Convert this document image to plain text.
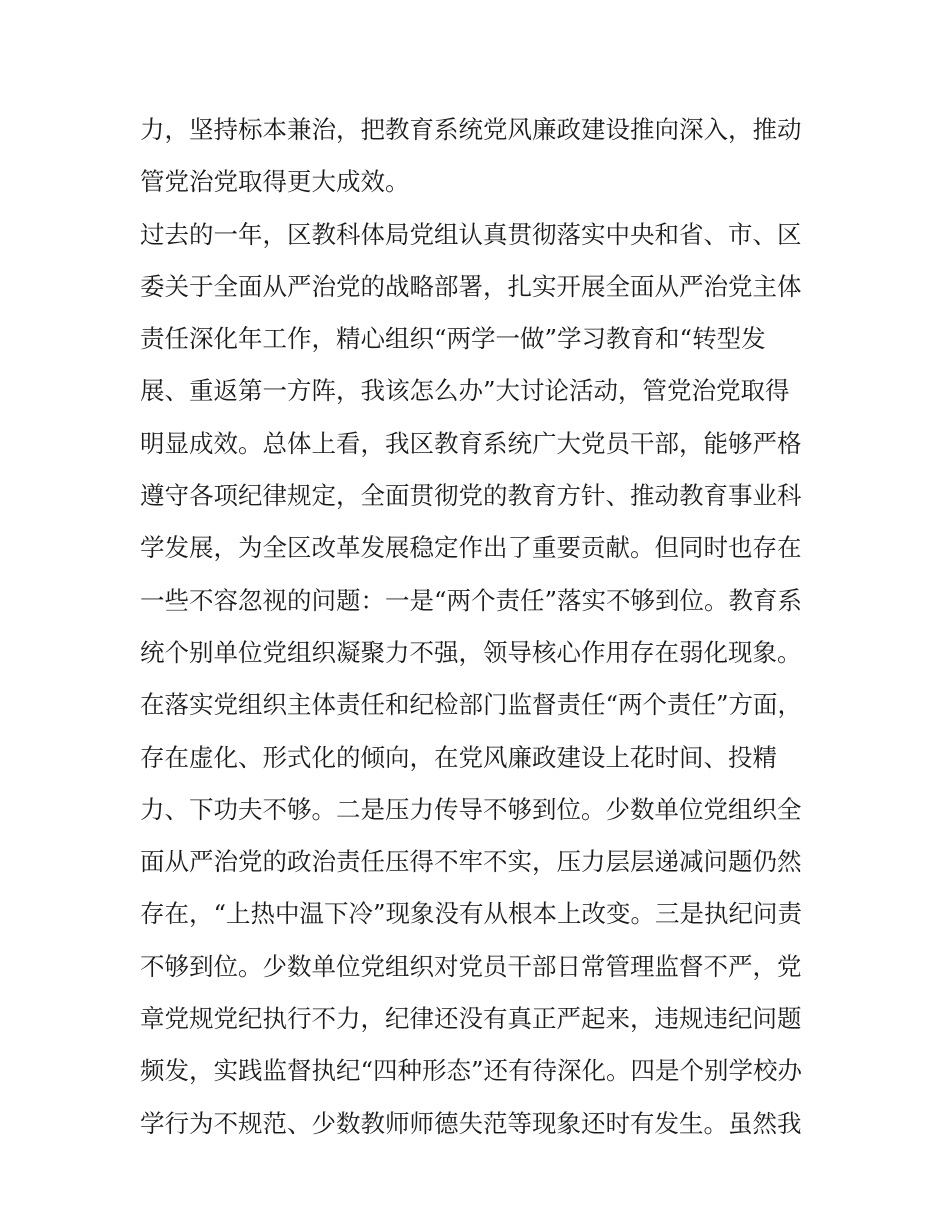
力，坚持标本兼治，把教育系统党风廉政建设推向深入，推动
管党治党取得更大成效。
过去的一年，区教科体局党组认真贯彻落实中央和省、市、区
委关于全面从严治党的战略部署，扎实开展全面从严治党主体
责任深化年工作，精心组织“两学一做”学习教育和“转型发
展、重返第一方阵，我该怎么办”大讨论活动，管党治党取得
明显成效。总体上看，我区教育系统广大党员干部，能够严格
遵守各项纪律规定，全面贯彻党的教育方针、推动教育事业科
学发展，为全区改革发展稳定作出了重要贡献。但同时也存在
一些不容忽视的问题：一是“两个责任”落实不够到位。教育系
统个别单位党组织凝聚力不强，领导核心作用存在弱化现象。
在落实党组织主体责任和纪检部门监督责任“两个责任”方面，
存在虚化、形式化的倾向，在党风廉政建设上花时间、投精
力、下功夫不够。二是压力传导不够到位。少数单位党组织全
面从严治党的政治责任压得不牢不实，压力层层递减问题仍然
存在，“上热中温下冷”现象没有从根本上改变。三是执纪问责
不够到位。少数单位党组织对党员干部日常管理监督不严，党
章党规党纪执行不力，纪律还没有真正严起来，违规违纪问题
频发，实践监督执纪“四种形态”还有待深化。四是个别学校办
学行为不规范、少数教师师德失范等现象还时有发生。虽然我
